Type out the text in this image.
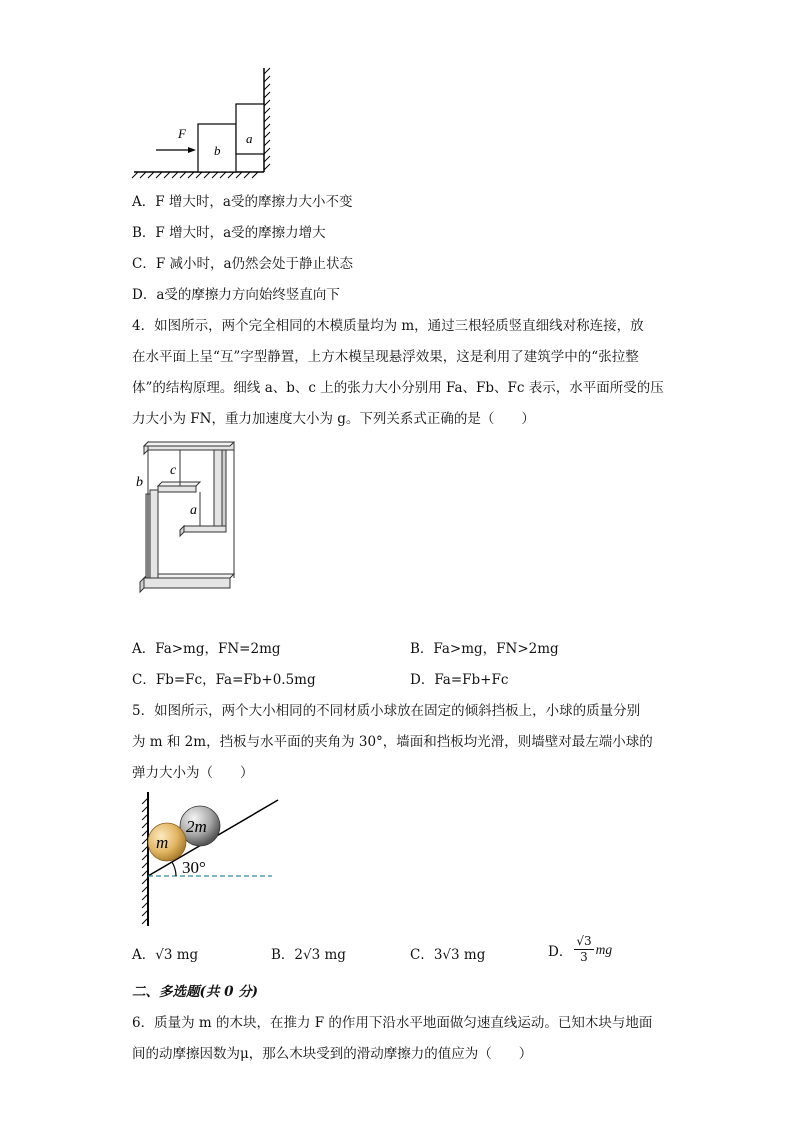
F
b
a
A．F 增大时，a受的摩擦力大小不变
B．F 增大时，a受的摩擦力增大
C．F 减小时，a仍然会处于静止状态
D．a受的摩擦力方向始终竖直向下
4．如图所示，两个完全相同的木模质量均为 m，通过三根轻质竖直细线对称连接，放
在水平面上呈“互”字型静置，上方木模呈现悬浮效果，这是利用了建筑学中的“张拉整
体”的结构原理。细线 a、b、c 上的张力大小分别用 Fa、Fb、Fc 表示，水平面所受的压
力大小为 FN，重力加速度大小为 g。下列关系式正确的是（　　）
b
c
a
A．Fa>mg，FN=2mg	B．Fa>mg，FN>2mg
C．Fb=Fc，Fa=Fb+0.5mg	D．Fa=Fb+Fc
5．如图所示，两个大小相同的不同材质小球放在固定的倾斜挡板上，小球的质量分别
为 m 和 2m，挡板与水平面的夹角为 30°，墙面和挡板均光滑，则墙壁对最左端小球的
弹力大小为（　　）
2m
m
30°
A．√3 mg	B．2√3 mg	C．3√3 mg	D． $\frac{√3}{3}$ mg
二、多选题(共 0 分)
6．质量为 m 的木块，在推力 F 的作用下沿水平地面做匀速直线运动。已知木块与地面
间的动摩擦因数为μ，那么木块受到的滑动摩擦力的值应为（　　）
